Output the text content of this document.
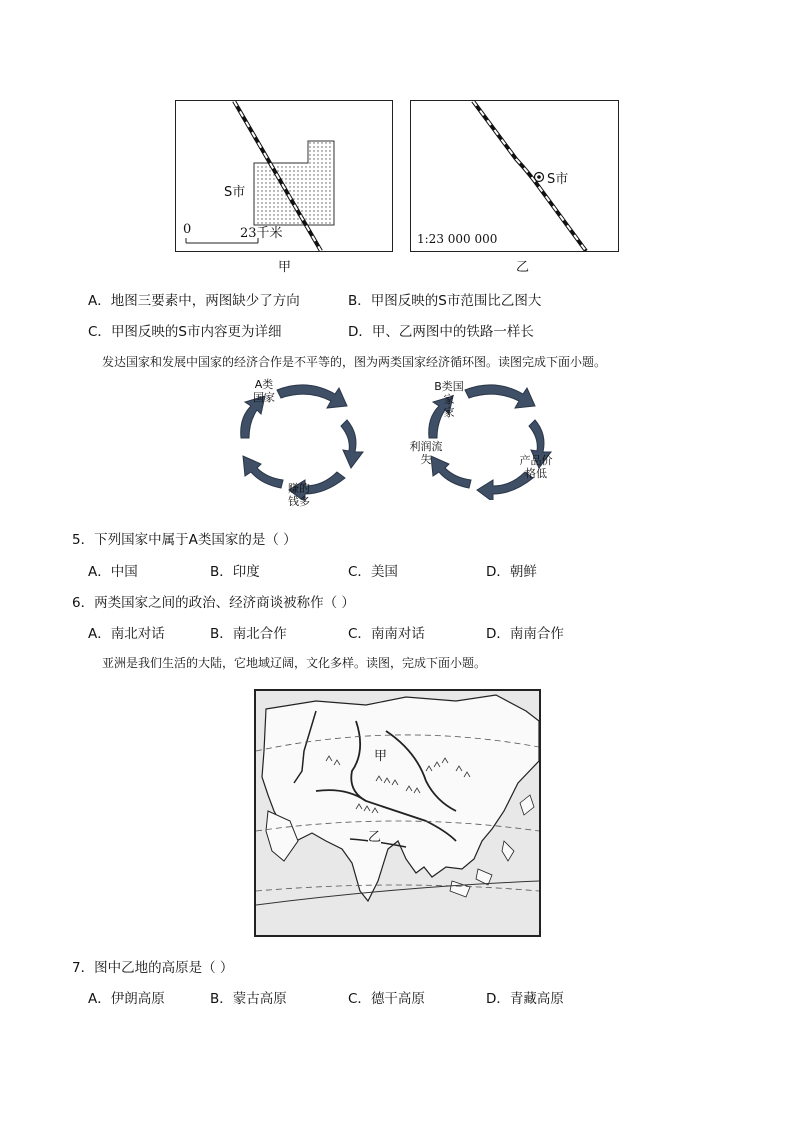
S市
0	23千米
甲
S市
1:23 000 000
乙
A．地图三要素中，两图缺少了方向	B．甲图反映的S市范围比乙图大
C．甲图反映的S市内容更为详细	D．甲、乙两图中的铁路一样长
发达国家和发展中国家的经济合作是不平等的，图为两类国家经济循环图。读图完成下面小题。
A类
国家
赚的
钱多
B类国家
家
利润流
失	产品价
格低
5．下列国家中属于A类国家的是（ ）
A．中国	B．印度	C．美国	D．朝鲜
6．两类国家之间的政治、经济商谈被称作（ ）
A．南北对话	B．南北合作	C．南南对话	D．南南合作
亚洲是我们生活的大陆，它地域辽阔，文化多样。读图，完成下面小题。
甲
乙
7．图中乙地的高原是（ ）
A．伊朗高原	B．蒙古高原	C．德干高原	D．青藏高原
